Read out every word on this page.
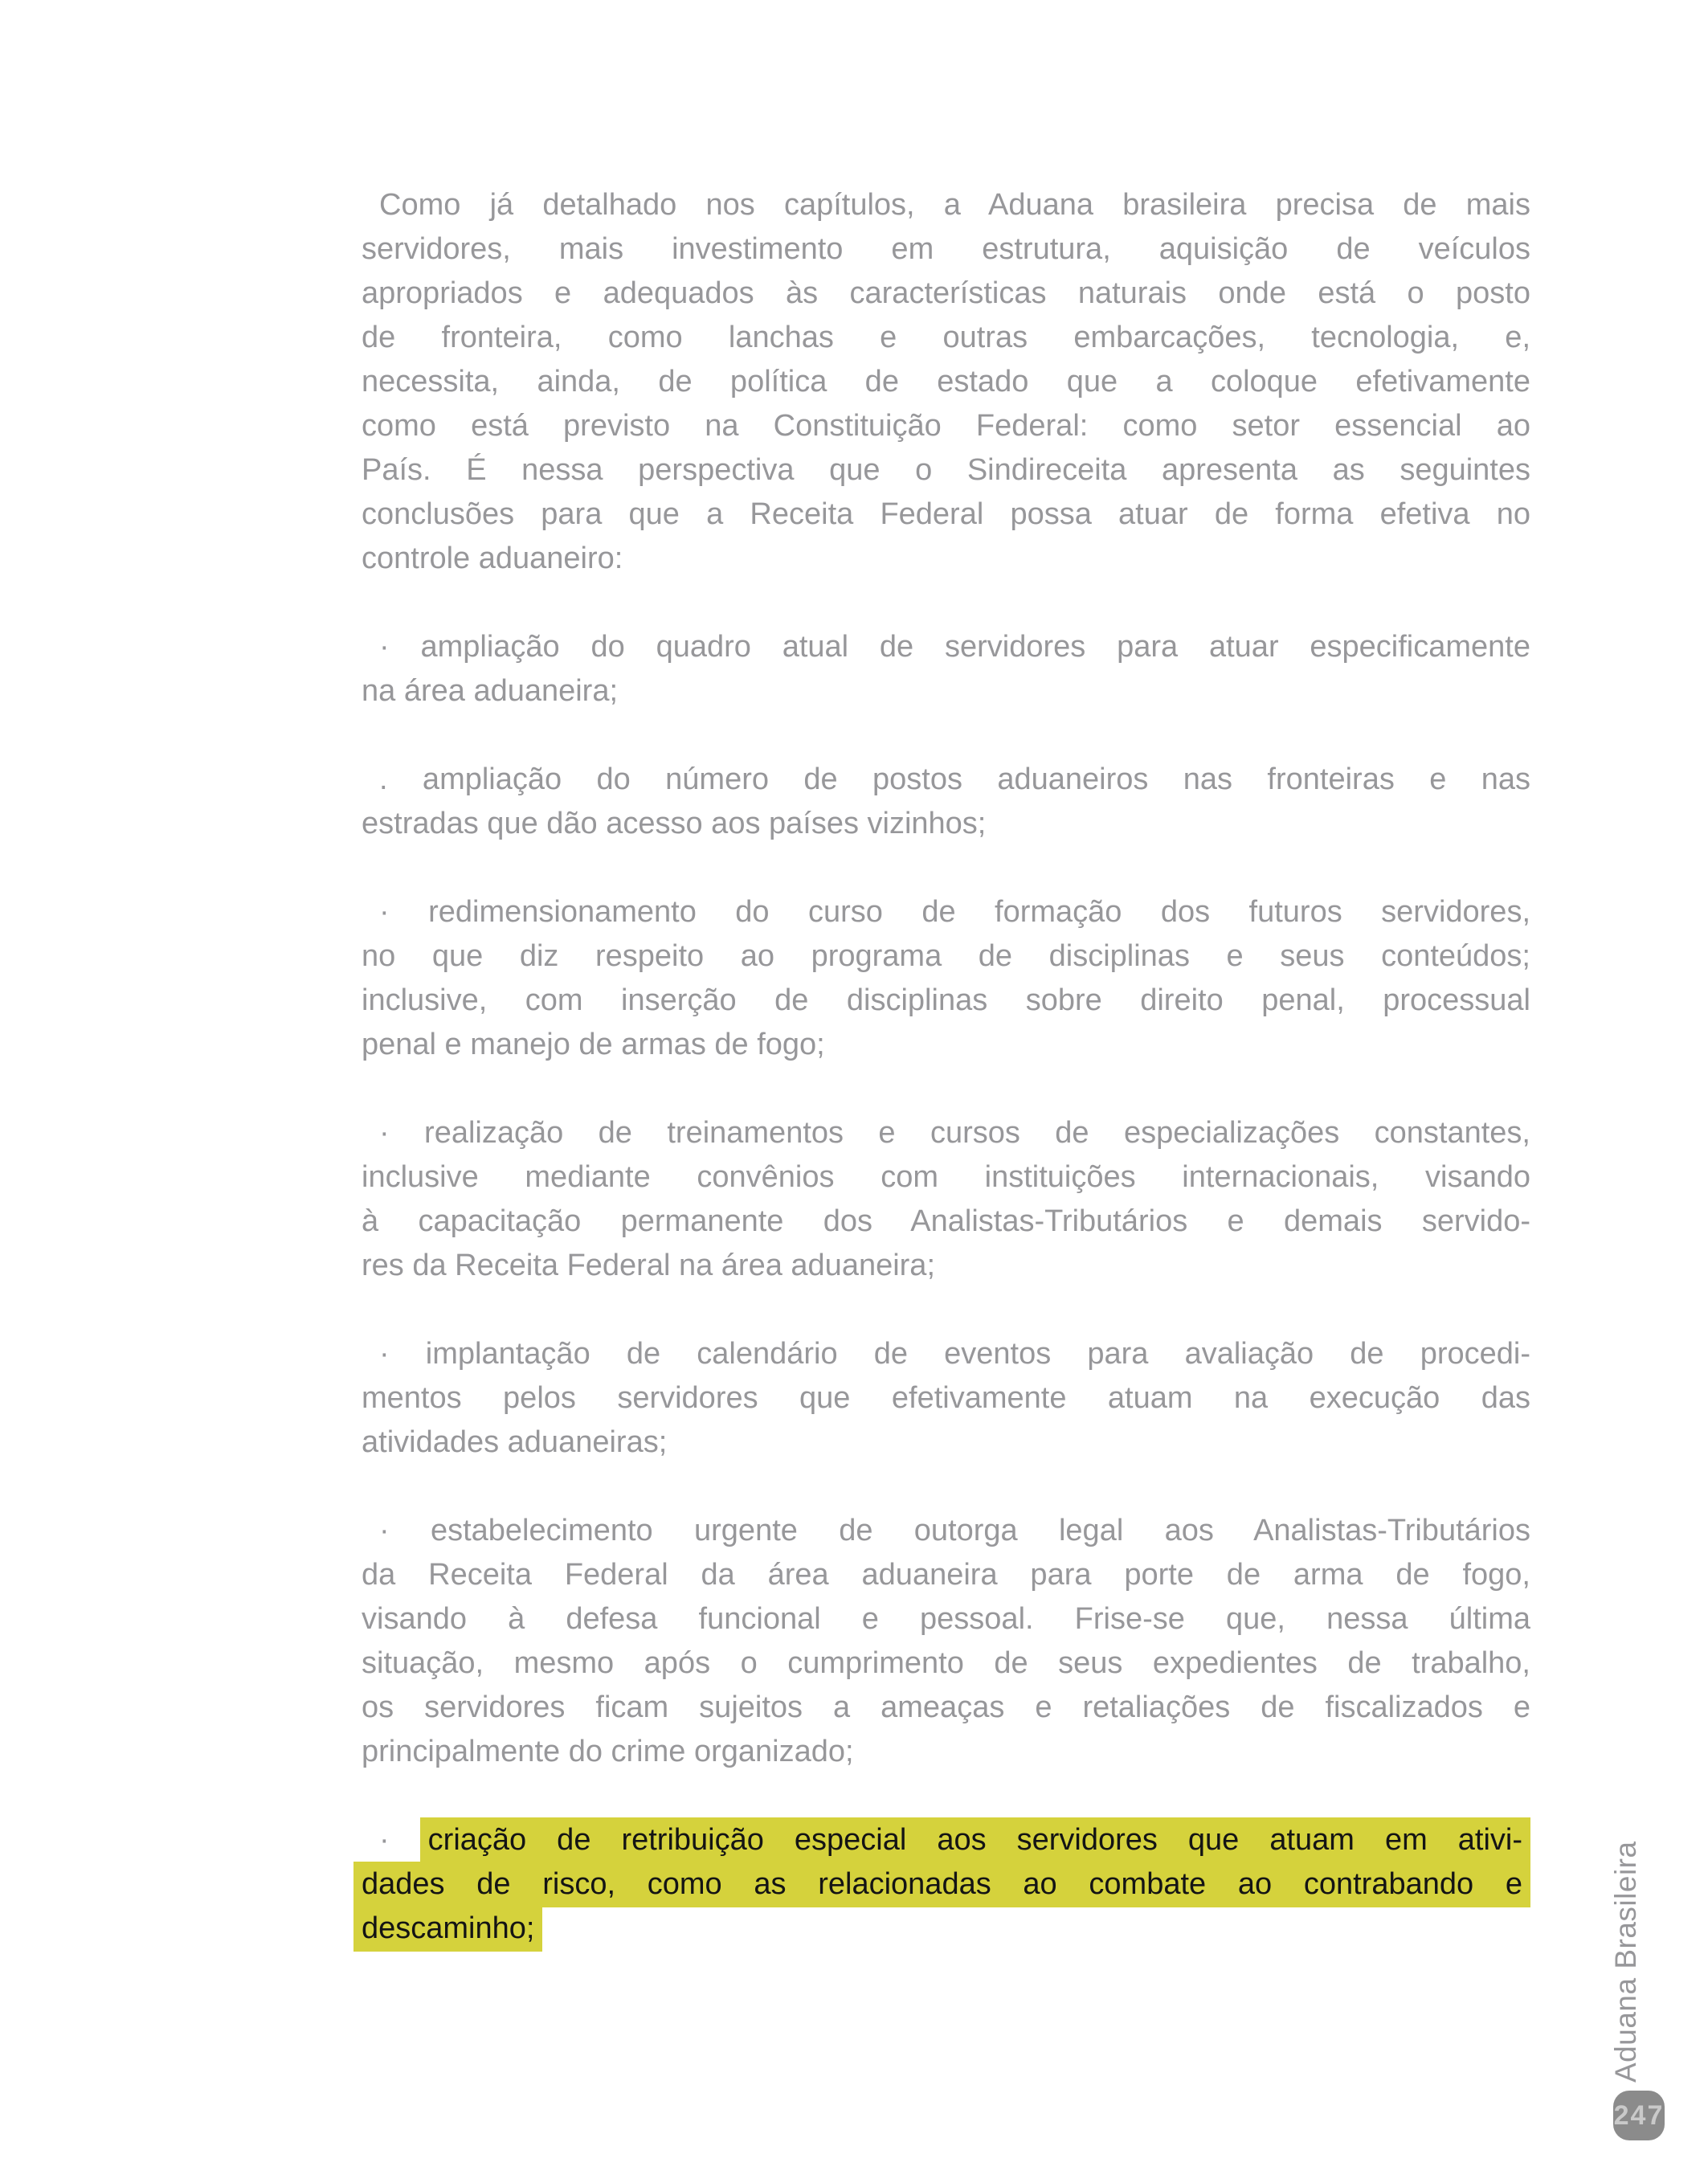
Como já detalhado nos capítulos, a Aduana brasileira precisa de mais
servidores, mais investimento em estrutura, aquisição de veículos
apropriados e adequados às características naturais onde está o posto
de fronteira, como lanchas e outras embarcações, tecnologia, e,
necessita, ainda, de política de estado que a coloque efetivamente
como está previsto na Constituição Federal: como setor essencial ao
País. É nessa perspectiva que o Sindireceita apresenta as seguintes
conclusões para que a Receita Federal possa atuar de forma efetiva no
controle aduaneiro:
· ampliação do quadro atual de servidores para atuar especificamente
na área aduaneira;
. ampliação do número de postos aduaneiros nas fronteiras e nas
estradas que dão acesso aos países vizinhos;
· redimensionamento do curso de formação dos futuros servidores,
no que diz respeito ao programa de disciplinas e seus conteúdos;
inclusive, com inserção de disciplinas sobre direito penal, processual
penal e manejo de armas de fogo;
· realização de treinamentos e cursos de especializações constantes,
inclusive mediante convênios com instituições internacionais, visando
à capacitação permanente dos Analistas-Tributários e demais servido-
res da Receita Federal na área aduaneira;
· implantação de calendário de eventos para avaliação de procedi-
mentos pelos servidores que efetivamente atuam na execução das
atividades aduaneiras;
· estabelecimento urgente de outorga legal aos Analistas-Tributários
da Receita Federal da área aduaneira para porte de arma de fogo,
visando à defesa funcional e pessoal. Frise-se que, nessa última
situação, mesmo após o cumprimento de seus expedientes de trabalho,
os servidores ficam sujeitos a ameaças e retaliações de fiscalizados e
principalmente do crime organizado;
· criação de retribuição especial aos servidores que atuam em ativi-
dades de risco, como as relacionadas ao combate ao contrabando e
descaminho;	Aduana Brasileira
247
